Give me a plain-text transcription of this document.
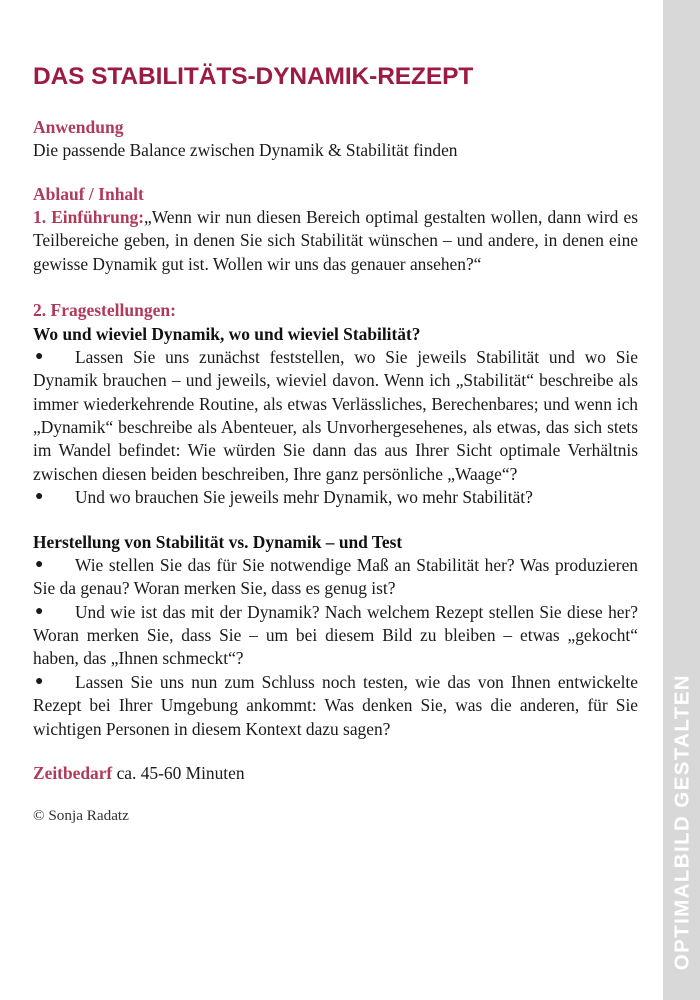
DAS STABILITÄTS-DYNAMIK-REZEPT
Anwendung

Die passende Balance zwischen Dynamik & Stabilität finden

Ablauf / Inhalt

1. Einführung:„Wenn wir nun diesen Bereich optimal gestalten wollen, dann wird es Teilbereiche geben, in denen Sie sich Stabilität wünschen – und andere, in denen eine gewisse Dynamik gut ist. Wollen wir uns das genauer ansehen?“

2. Fragestellungen:
Wo und wieviel Dynamik, wo und wieviel Stabilität?
●	Lassen Sie uns zunächst feststellen, wo Sie jeweils Stabilität und wo Sie Dynamik brauchen – und jeweils, wieviel davon. Wenn ich „Stabilität“ beschreibe als immer wiederkehrende Routine, als etwas Verlässliches, Berechenbares; und wenn ich „Dynamik“ beschreibe als Abenteuer, als Unvorhergesehenes, als etwas, das sich stets im Wandel befindet: Wie würden Sie dann das aus Ihrer Sicht optimale Verhältnis zwischen diesen beiden beschreiben, Ihre ganz persönliche „Waage“?
●	Und wo brauchen Sie jeweils mehr Dynamik, wo mehr Stabilität?
Herstellung von Stabilität vs. Dynamik – und Test
●	Wie stellen Sie das für Sie notwendige Maß an Stabilität her? Was produzieren Sie da genau? Woran merken Sie, dass es genug ist?
●	Und wie ist das mit der Dynamik? Nach welchem Rezept stellen Sie diese her? Woran merken Sie, dass Sie – um bei diesem Bild zu bleiben – etwas „gekocht“ haben, das „Ihnen schmeckt“?
●	Lassen Sie uns nun zum Schluss noch testen, wie das von Ihnen entwickelte Rezept bei Ihrer Umgebung ankommt: Was denken Sie, was die anderen, für Sie wichtigen Personen in diesem Kontext dazu sagen?

Zeitbedarf ca. 45-60 Minuten

© Sonja Radatz	OPTIMALBILD GESTALTEN
